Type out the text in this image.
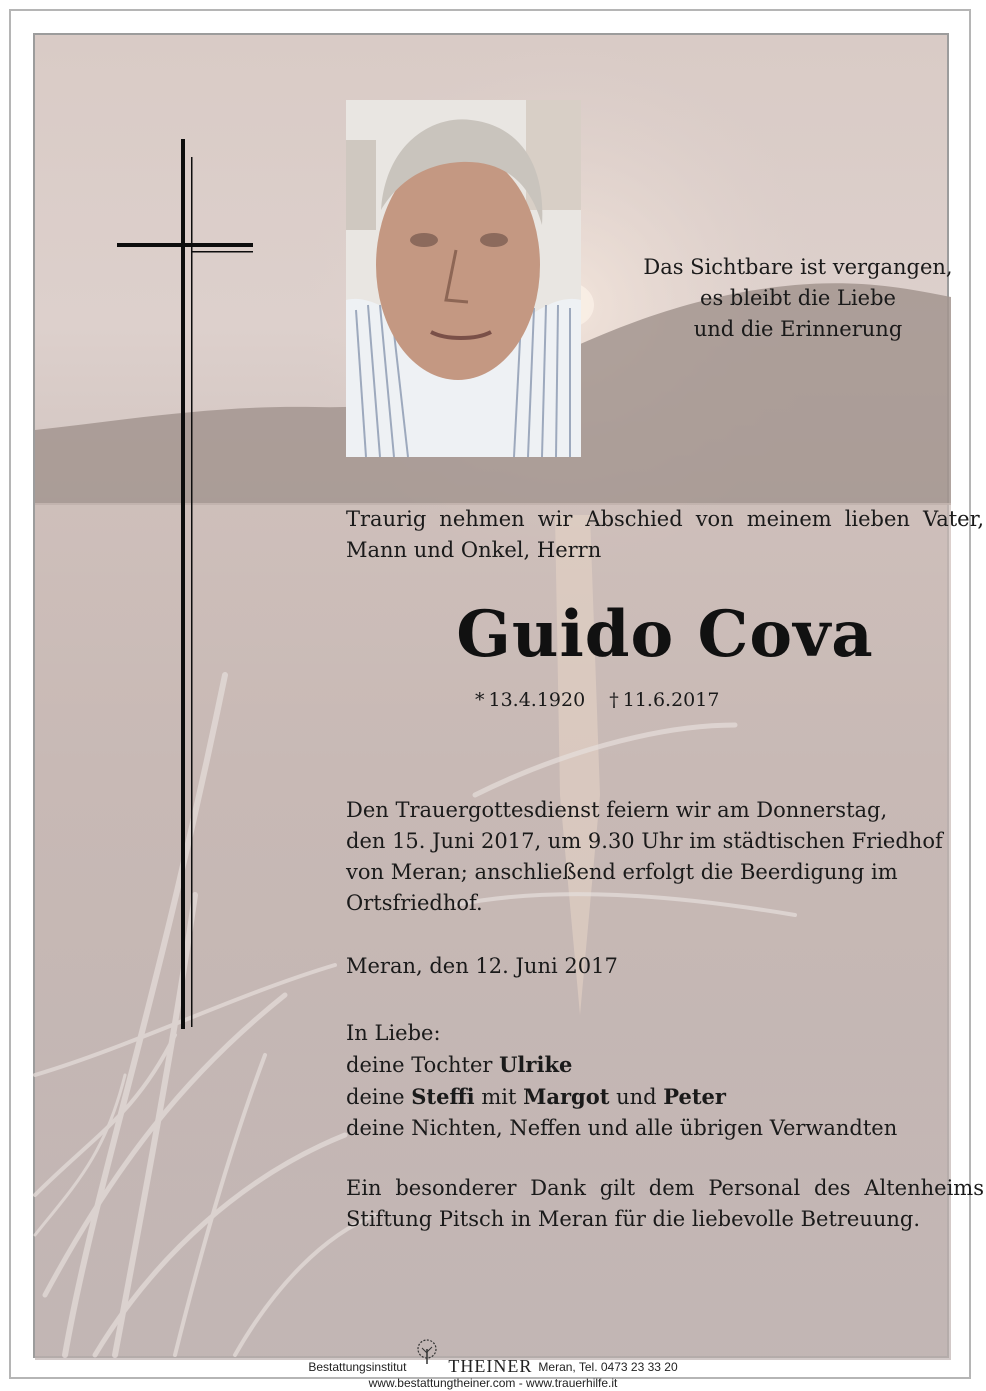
Das Sichtbare ist vergangen,
es bleibt die Liebe
und die Erinnerung

Traurig nehmen wir Abschied von meinem lieben Vater, Mann und Onkel, Herrn

Guido Cova

* 13.4.1920 † 11.6.2017

Den Trauergottesdienst feiern wir am Donnerstag,
den 15. Juni 2017, um 9.30 Uhr im städtischen Friedhof
von Meran; anschließend erfolgt die Beerdigung im
Ortsfriedhof.

Meran, den 12. Juni 2017

In Liebe:
deine Tochter Ulrike
deine Steffi mit Margot und Peter
deine Nichten, Neffen und alle übrigen Verwandten

Ein besonderer Dank gilt dem Personal des Altenheims Stiftung Pitsch in Meran für die liebevolle Betreuung.

Bestattungsinstitut THEINER Meran, Tel. 0473 23 33 20
www.bestattungtheiner.com - www.trauerhilfe.it
